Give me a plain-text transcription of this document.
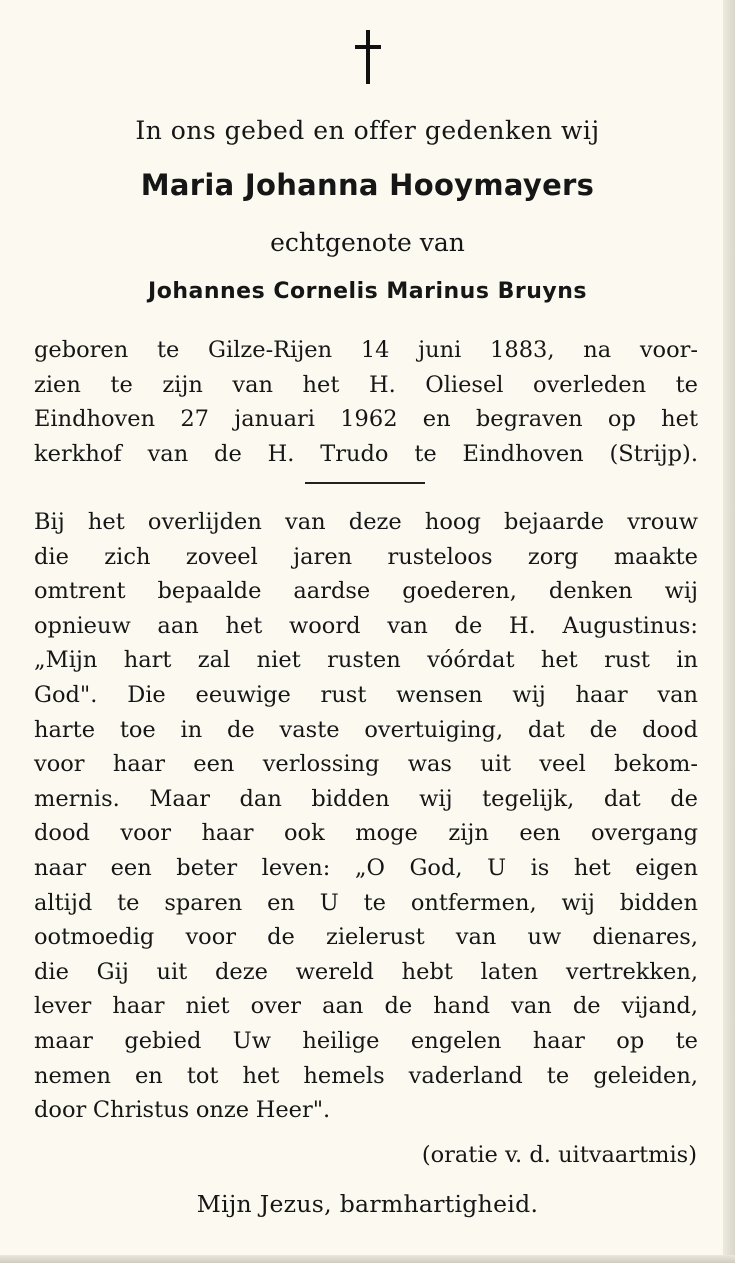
In ons gebed en offer gedenken wij
Maria Johanna Hooymayers
echtgenote van
Johannes Cornelis Marinus Bruyns

geboren te Gilze-Rijen 14 juni 1883, na voor-
zien te zijn van het H. Oliesel overleden te
Eindhoven 27 januari 1962 en begraven op het
kerkhof van de H. Trudo te Eindhoven (Strijp).

Bij het overlijden van deze hoog bejaarde vrouw
die zich zoveel jaren rusteloos zorg maakte
omtrent bepaalde aardse goederen, denken wij
opnieuw aan het woord van de H. Augustinus:
„Mijn hart zal niet rusten vóórdat het rust in
God". Die eeuwige rust wensen wij haar van
harte toe in de vaste overtuiging, dat de dood
voor haar een verlossing was uit veel bekom-
mernis. Maar dan bidden wij tegelijk, dat de
dood voor haar ook moge zijn een overgang
naar een beter leven: „O God, U is het eigen
altijd te sparen en U te ontfermen, wij bidden
ootmoedig voor de zielerust van uw dienares,
die Gij uit deze wereld hebt laten vertrekken,
lever haar niet over aan de hand van de vijand,
maar gebied Uw heilige engelen haar op te
nemen en tot het hemels vaderland te geleiden,
door Christus onze Heer".

(oratie v. d. uitvaartmis)
Mijn Jezus, barmhartigheid.
